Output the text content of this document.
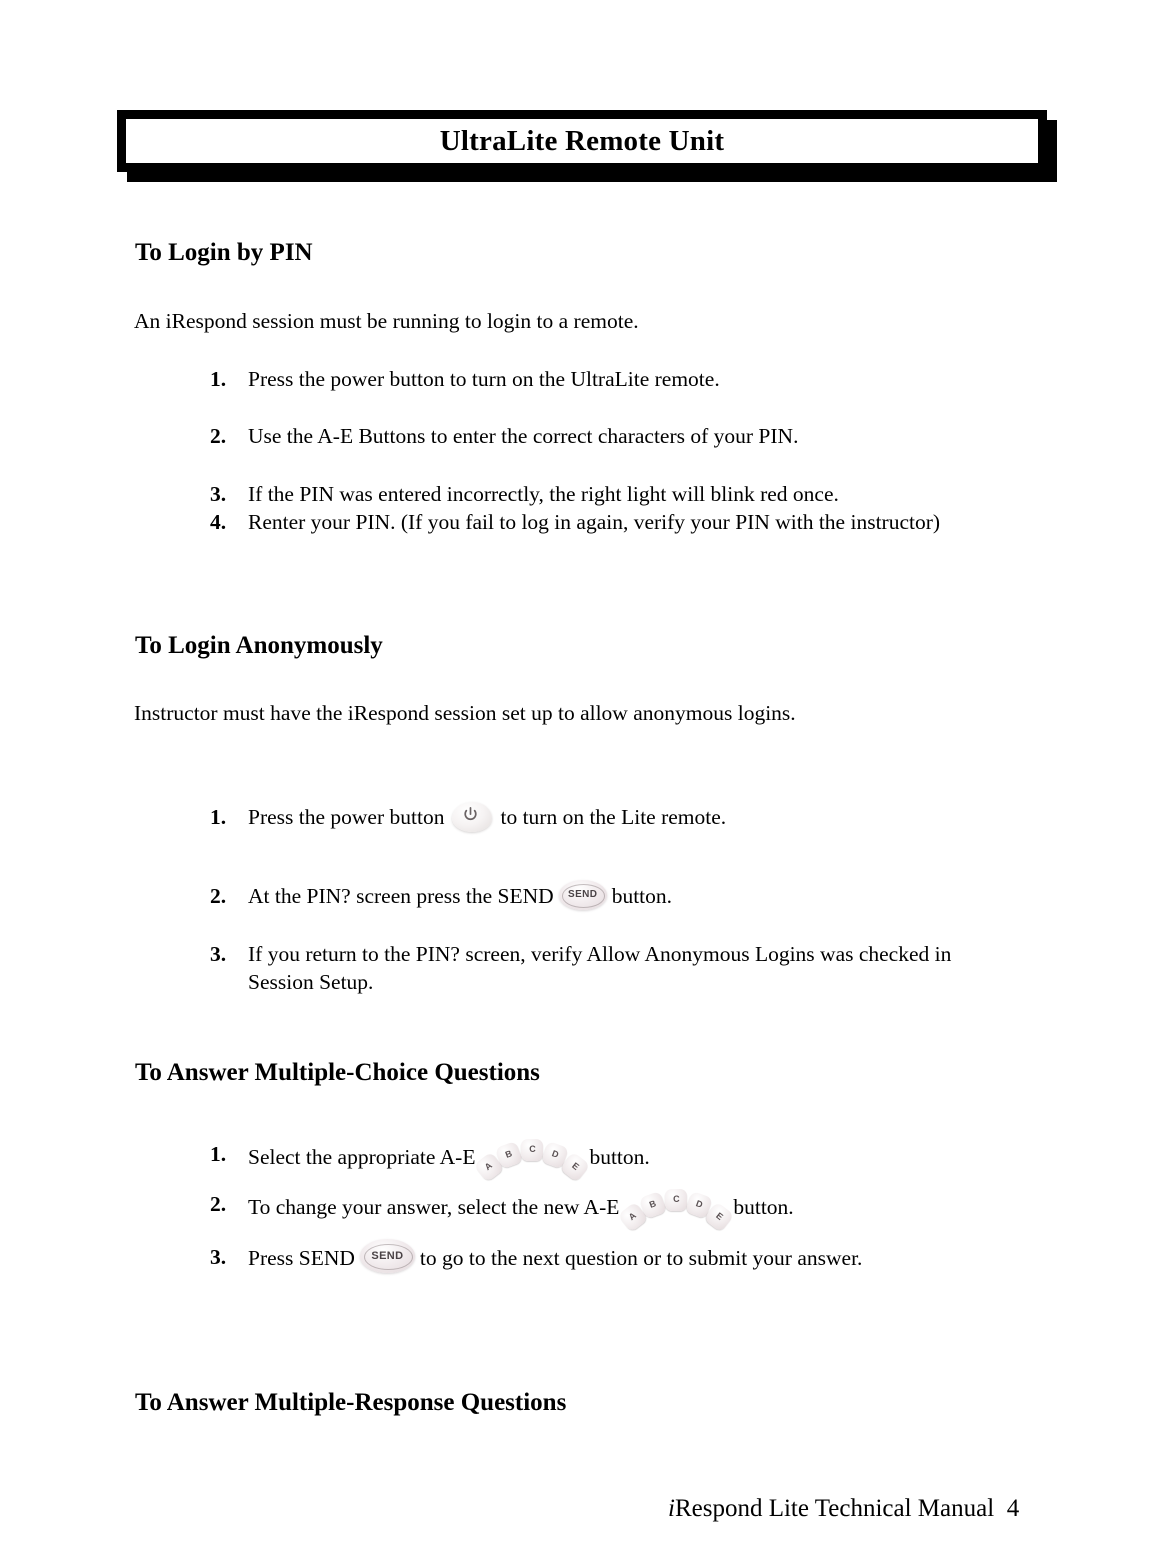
UltraLite Remote Unit
To Login by PIN
An iRespond session must be running to login to a remote.
1.	Press the power button to turn on the UltraLite remote.
2.	Use the A-E Buttons to enter the correct characters of your PIN.
3.	If the PIN was entered incorrectly, the right light will blink red once.
4.	Renter your PIN. (If you fail to log in again, verify your PIN with the instructor)
To Login Anonymously
Instructor must have the iRespond session set up to allow anonymous logins.
1.	Press the power button	to turn on the Lite remote.
2.	At the PIN? screen press the SEND	SEND button.
3.	If you return to the PIN? screen, verify Allow Anonymous Logins was checked in Session Setup.
To Answer Multiple-Choice Questions
1.	Select the appropriate A-E A
B	C	D
E button.
2.	To change your answer, select the new A-E A
B	C	D
E button.
3.	Press SEND	SEND to go to the next question or to submit your answer.
To Answer Multiple-Response Questions
iRespond Lite Technical Manual 4
